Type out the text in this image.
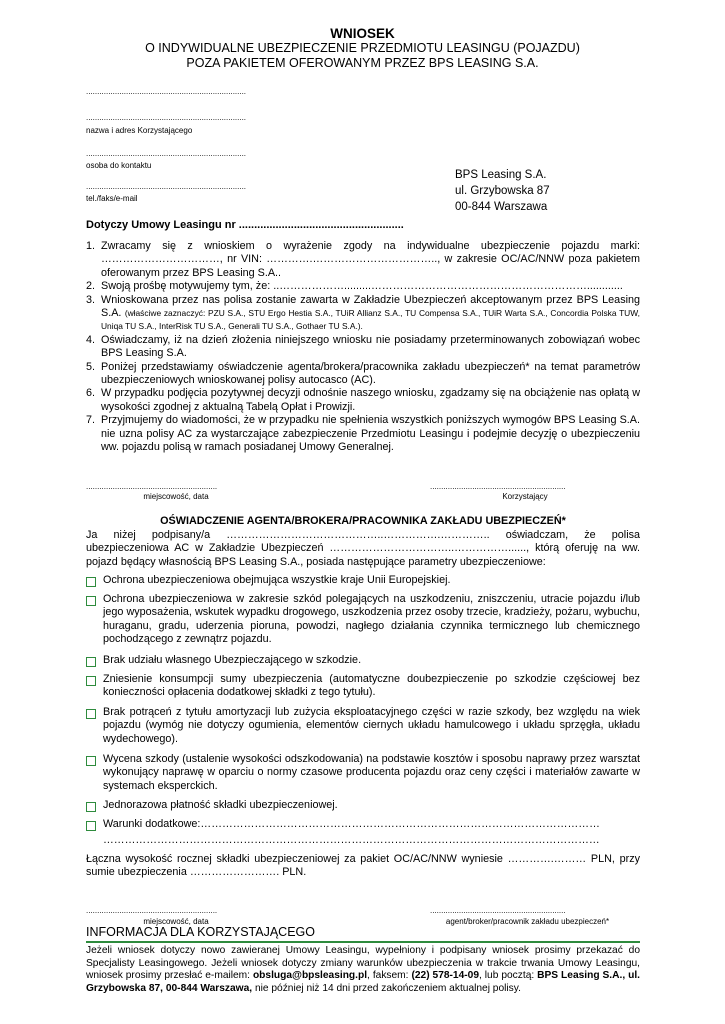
WNIOSEK
O INDYWIDUALNE UBEZPIECZENIE PRZEDMIOTU LEASINGU (POJAZDU)
POZA PAKIETEM OFEROWANYM PRZEZ BPS LEASING S.A.
........................................................................
........................................................................
nazwa i adres Korzystającego
........................................................................
osoba do kontaktu
........................................................................
tel./faks/e-mail
BPS Leasing S.A.
ul. Grzybowska 87
00-844 Warszawa
Dotyczy Umowy Leasingu nr ......................................................
1. Zwracamy się z wnioskiem o wyrażenie zgody na indywidualne ubezpieczenie pojazdu marki: ……………………………, nr VIN: ………….…………………………….., w zakresie OC/AC/NNW poza pakietem oferowanym przez BPS Leasing S.A..
2. Swoją prośbę motywujemy tym, że: ..……………….........……………………………………………………............
3. Wnioskowana przez nas polisa zostanie zawarta w Zakładzie Ubezpieczeń akceptowanym przez BPS Leasing S.A. (właściwe zaznaczyć: PZU S.A., STU Ergo Hestia S.A., TUiR Allianz S.A., TU Compensa S.A., TUiR Warta S.A., Concordia Polska TUW, Uniqa TU S.A., InterRisk TU S.A., Generali TU S.A., Gothaer TU S.A.).
4. Oświadczamy, iż na dzień złożenia niniejszego wniosku nie posiadamy przeterminowanych zobowiązań wobec BPS Leasing S.A.
5. Poniżej przedstawiamy oświadczenie agenta/brokera/pracownika zakładu ubezpieczeń* na temat parametrów ubezpieczeniowych wnioskowanej polisy autocasco (AC).
6. W przypadku podjęcia pozytywnej decyzji odnośnie naszego wniosku, zgadzamy się na obciążenie nas opłatą w wysokości zgodnej z aktualną Tabelą Opłat i Prowizji.
7. Przyjmujemy do wiadomości, że w przypadku nie spełnienia wszystkich poniższych wymogów BPS Leasing S.A. nie uzna polisy AC za wystarczające zabezpieczenie Przedmiotu Leasingu i podejmie decyzję o ubezpieczeniu ww. pojazdu polisą w ramach posiadanej Umowy Generalnej.
...........................................................
miejscowość, data
.............................................................
Korzystający
OŚWIADCZENIE AGENTA/BROKERA/PRACOWNIKA ZAKŁADU UBEZPIECZEŃ*
Ja niżej podpisany/a ……………………………………..…………….………….. oświadczam, że polisa ubezpieczeniowa AC w Zakładzie Ubezpieczeń ……………………………..……………......, którą oferuję na ww. pojazd będący własnością BPS Leasing S.A., posiada następujące parametry ubezpieczeniowe:
Ochrona ubezpieczeniowa obejmująca wszystkie kraje Unii Europejskiej.
Ochrona ubezpieczeniowa w zakresie szkód polegających na uszkodzeniu, zniszczeniu, utracie pojazdu i/lub jego wyposażenia, wskutek wypadku drogowego, uszkodzenia przez osoby trzecie, kradzieży, pożaru, wybuchu, huraganu, gradu, uderzenia pioruna, powodzi, nagłego działania czynnika termicznego lub chemicznego pochodzącego z zewnątrz pojazdu.
Brak udziału własnego Ubezpieczającego w szkodzie.
Zniesienie konsumpcji sumy ubezpieczenia (automatyczne doubezpieczenie po szkodzie częściowej bez konieczności opłacenia dodatkowej składki z tego tytułu).
Brak potrąceń z tytułu amortyzacji lub zużycia eksploatacyjnego części w razie szkody, bez względu na wiek pojazdu (wymóg nie dotyczy ogumienia, elementów ciernych układu hamulcowego i układu sprzęgła, układu wydechowego).
Wycena szkody (ustalenie wysokości odszkodowania) na podstawie kosztów i sposobu naprawy przez warsztat wykonujący naprawę w oparciu o normy czasowe producenta pojazdu oraz ceny części i materiałów zawarte w systemach eksperckich.
Jednorazowa płatność składki ubezpieczeniowej.
Warunki dodatkowe:…………………………………………………………………………………………………
…………………………………………………………………………………………………………………………
Łączna wysokość rocznej składki ubezpieczeniowej za pakiet OC/AC/NNW wyniesie ………….……… PLN, przy sumie ubezpieczenia ……………………. PLN.
...........................................................
miejscowość, data
.............................................................
agent/broker/pracownik zakładu ubezpieczeń*
INFORMACJA DLA KORZYSTAJĄCEGO
Jeżeli wniosek dotyczy nowo zawieranej Umowy Leasingu, wypełniony i podpisany wniosek prosimy przekazać do Specjalisty Leasingowego. Jeżeli wniosek dotyczy zmiany warunków ubezpieczenia w trakcie trwania Umowy Leasingu, wniosek prosimy przesłać e-mailem: obsluga@bpsleasing.pl, faksem: (22) 578-14-09, lub pocztą: BPS Leasing S.A., ul. Grzybowska 87, 00-844 Warszawa, nie później niż 14 dni przed zakończeniem aktualnej polisy.
